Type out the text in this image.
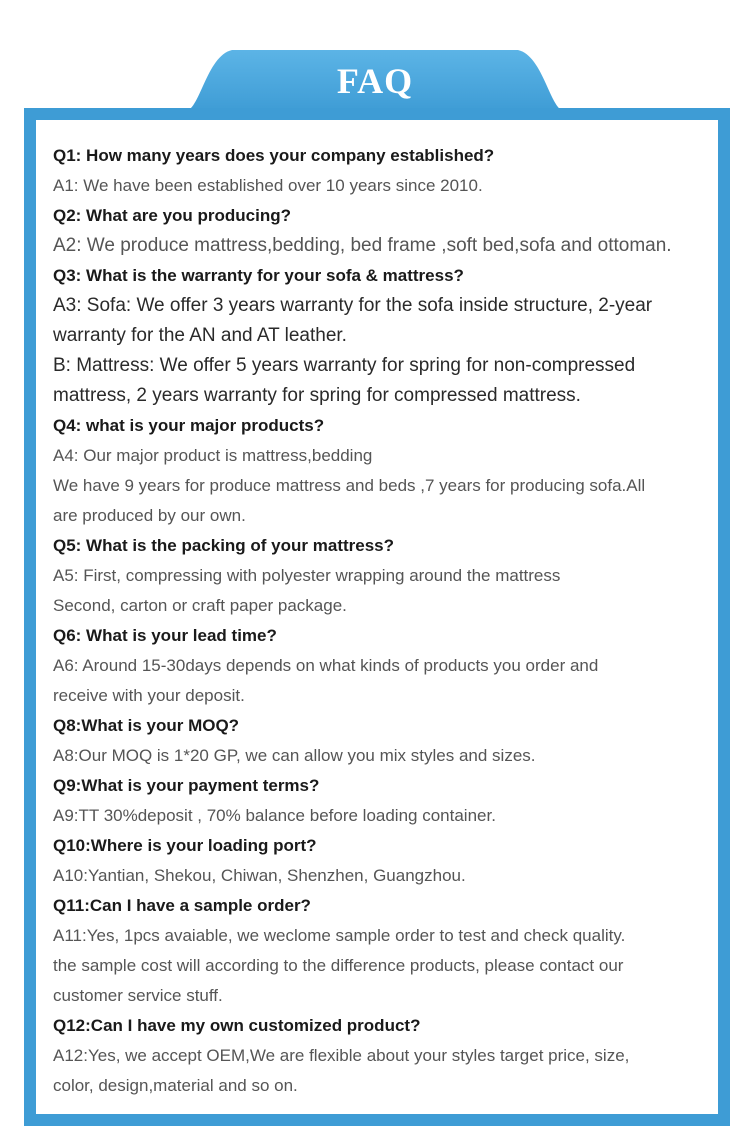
FAQ
Q1: How many years does your company established?
A1: We have been established over 10 years since 2010.
Q2: What are you producing?
A2: We produce mattress,bedding, bed frame ,soft bed,sofa and ottoman.
Q3: What is the warranty for your sofa & mattress?
A3: Sofa: We offer 3 years warranty for the sofa inside structure, 2-year
warranty for the AN and AT leather.
B: Mattress: We offer 5 years warranty for spring for non-compressed
mattress, 2 years warranty for spring for compressed mattress.
Q4: what is your major products?
A4: Our major product is mattress,bedding
We have 9 years for produce mattress and beds ,7 years for producing sofa.All
are produced by our own.
Q5: What is the packing of your mattress?
A5: First, compressing with polyester wrapping around the mattress
Second, carton or craft paper package.
Q6: What is your lead time?
A6: Around 15-30days depends on what kinds of products you order and
receive with your deposit.
Q8:What is your MOQ?
A8:Our MOQ is 1*20 GP, we can allow you mix styles and sizes.
Q9:What is your payment terms?
A9:TT 30%deposit , 70% balance before loading container.
Q10:Where is your loading port?
A10:Yantian, Shekou, Chiwan, Shenzhen, Guangzhou.
Q11:Can I have a sample order?
A11:Yes, 1pcs avaiable, we weclome sample order to test and check quality.
the sample cost will according to the difference products, please contact our
customer service stuff.
Q12:Can I have my own customized product?
A12:Yes, we accept OEM,We are flexible about your styles target price, size,
color, design,material and so on.
